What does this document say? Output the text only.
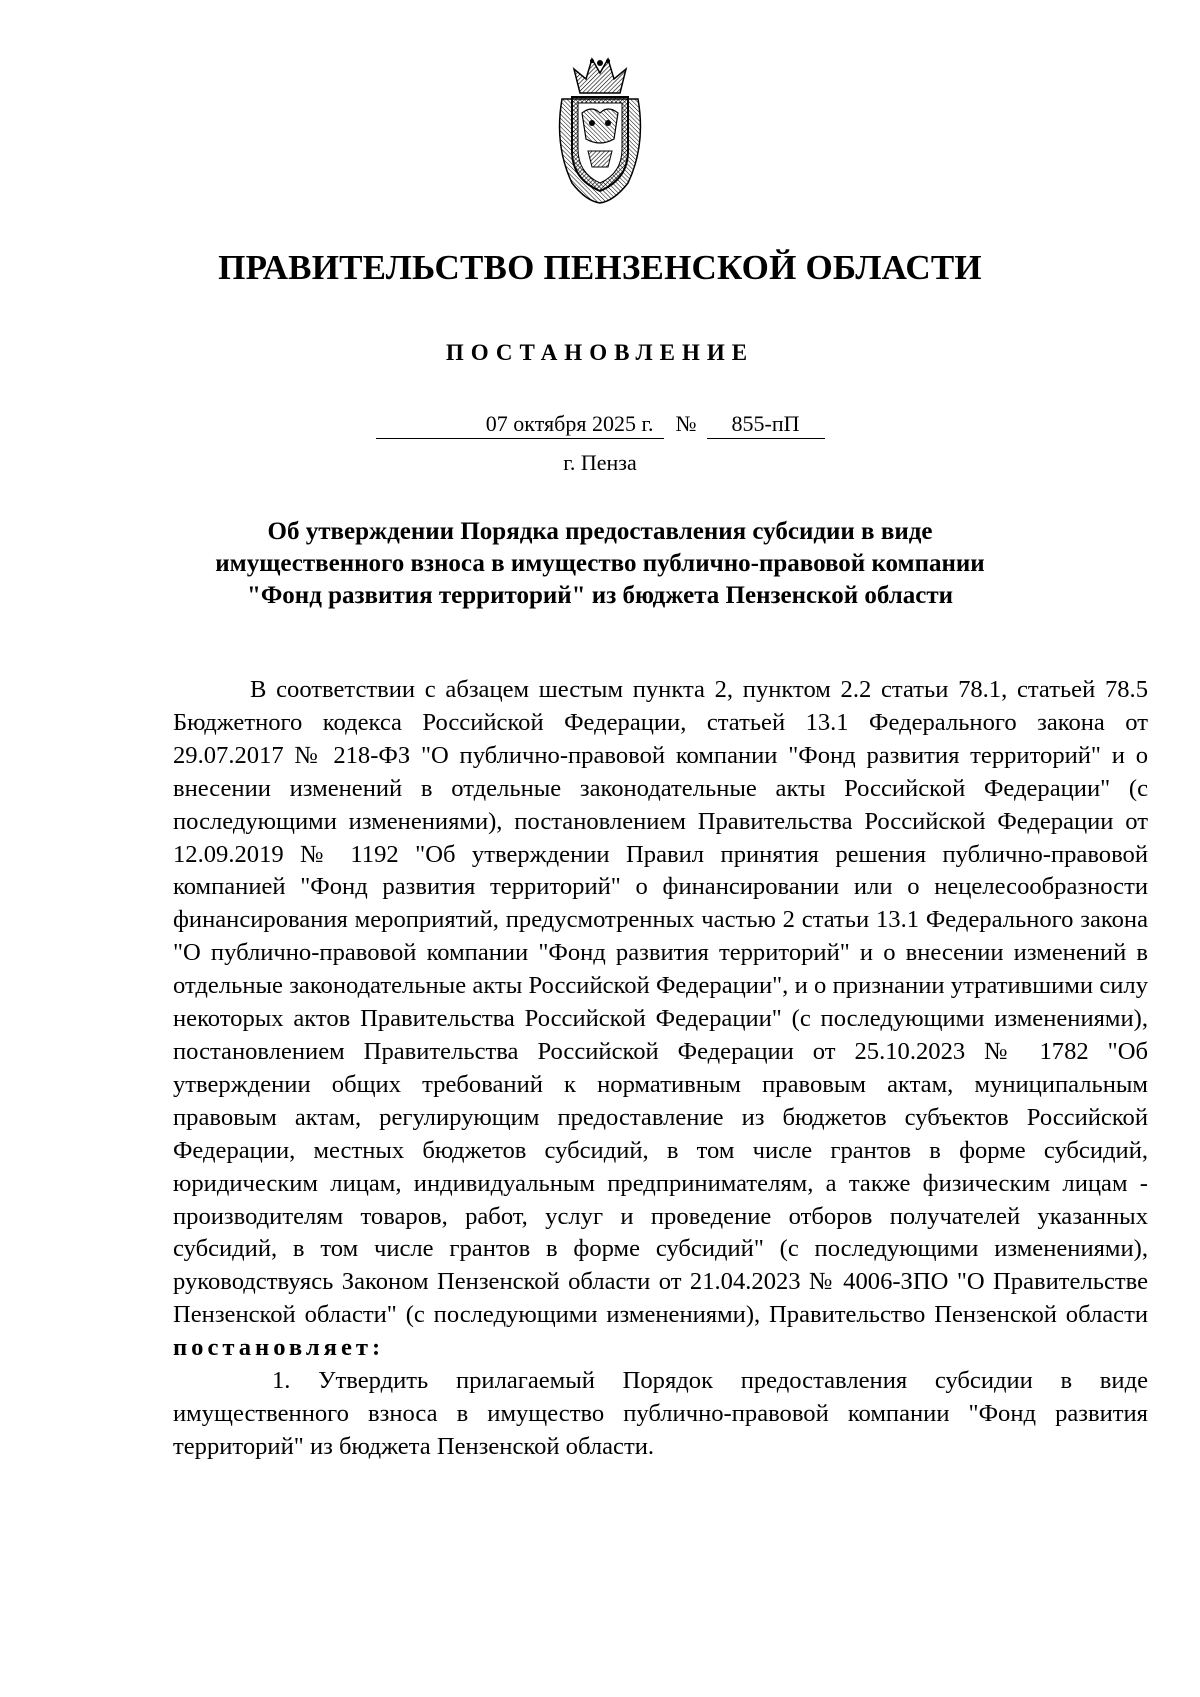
ПРАВИТЕЛЬСТВО ПЕНЗЕНСКОЙ ОБЛАСТИ
ПОСТАНОВЛЕНИЕ
07 октября 2025 г. № 855-пП
г. Пенза
Об утверждении Порядка предоставления субсидии в виде
имущественного взноса в имущество публично-правовой компании
"Фонд развития территорий" из бюджета Пензенской области

В соответствии с абзацем шестым пункта 2, пунктом 2.2 статьи 78.1, статьей 78.5 Бюджетного кодекса Российской Федерации, статьей 13.1 Федерального закона от 29.07.2017 № 218-ФЗ "О публично-правовой компании "Фонд развития территорий" и о внесении изменений в отдельные законодательные акты Российской Федерации" (с последующими изменениями), постановлением Правительства Российской Федерации от 12.09.2019 № 1192 "Об утверждении Правил принятия решения публично-правовой компанией "Фонд развития территорий" о финансировании или о нецелесообразности финансирования мероприятий, предусмотренных частью 2 статьи 13.1 Федерального закона "О публично-правовой компании "Фонд развития территорий" и о внесении изменений в отдельные законодательные акты Российской Федерации", и о признании утратившими силу некоторых актов Правительства Российской Федерации" (с последующими изменениями), постановлением Правительства Российской Федерации от 25.10.2023 № 1782 "Об утверждении общих требований к нормативным правовым актам, муниципальным правовым актам, регулирующим предоставление из бюджетов субъектов Российской Федерации, местных бюджетов субсидий, в том числе грантов в форме субсидий, юридическим лицам, индивидуальным предпринимателям, а также физическим лицам - производителям товаров, работ, услуг и проведение отборов получателей указанных субсидий, в том числе грантов в форме субсидий" (с последующими изменениями), руководствуясь Законом Пензенской области от 21.04.2023 № 4006-ЗПО "О Правительстве Пензенской области" (с последующими изменениями), Правительство Пензенской области постановляет:

1. Утвердить прилагаемый Порядок предоставления субсидии в виде имущественного взноса в имущество публично-правовой компании "Фонд развития территорий" из бюджета Пензенской области.
